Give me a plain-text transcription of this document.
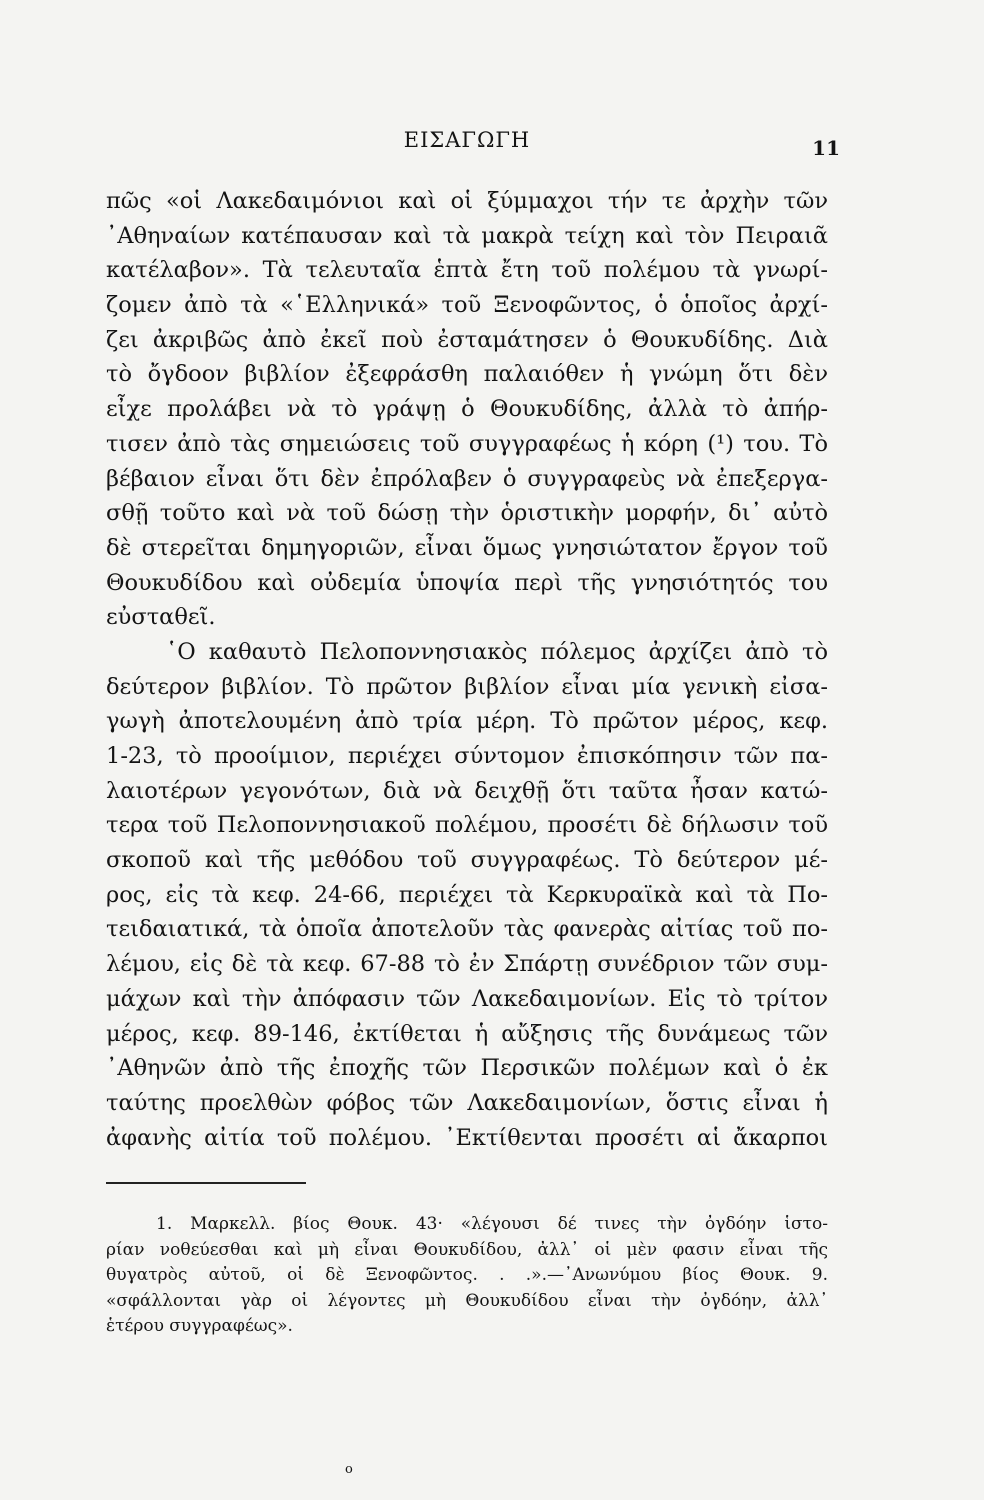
ΕΙΣΑΓΩΓΗ	11
πῶς «οἱ Λακεδαιμόνιοι καὶ οἱ ξύμμαχοι τήν τε ἀρχὴν τῶν
᾿Αθηναίων κατέπαυσαν καὶ τὰ μακρὰ τείχη καὶ τὸν Πειραιᾶ
κατέλαβον». Τὰ τελευταῖα ἑπτὰ ἔτη τοῦ πολέμου τὰ γνωρί-
ζομεν ἀπὸ τὰ «῾Ελληνικά» τοῦ Ξενοφῶντος, ὁ ὁποῖος ἀρχί-
ζει ἀκριβῶς ἀπὸ ἐκεῖ ποὺ ἐσταμάτησεν ὁ Θουκυδίδης. Διὰ
τὸ ὄγδοον βιβλίον ἐξεφράσθη παλαιόθεν ἡ γνώμη ὅτι δὲν
εἶχε προλάβει νὰ τὸ γράψῃ ὁ Θουκυδίδης, ἀλλὰ τὸ ἀπήρ-
τισεν ἀπὸ τὰς σημειώσεις τοῦ συγγραφέως ἡ κόρη (¹) του. Τὸ
βέβαιον εἶναι ὅτι δὲν ἐπρόλαβεν ὁ συγγραφεὺς νὰ ἐπεξεργα-
σθῇ τοῦτο καὶ νὰ τοῦ δώσῃ τὴν ὁριστικὴν μορφήν, δι᾿ αὐτὸ
δὲ στερεῖται δημηγοριῶν, εἶναι ὅμως γνησιώτατον ἔργον τοῦ
Θουκυδίδου καὶ οὐδεμία ὑποψία περὶ τῆς γνησιότητός του
εὐσταθεῖ.
῾Ο καθαυτὸ Πελοποννησιακὸς πόλεμος ἀρχίζει ἀπὸ τὸ
δεύτερον βιβλίον. Τὸ πρῶτον βιβλίον εἶναι μία γενικὴ εἰσα-
γωγὴ ἀποτελουμένη ἀπὸ τρία μέρη. Τὸ πρῶτον μέρος, κεφ.
1-23, τὸ προοίμιον, περιέχει σύντομον ἐπισκόπησιν τῶν πα-
λαιοτέρων γεγονότων, διὰ νὰ δειχθῇ ὅτι ταῦτα ἦσαν κατώ-
τερα τοῦ Πελοποννησιακοῦ πολέμου, προσέτι δὲ δήλωσιν τοῦ
σκοποῦ καὶ τῆς μεθόδου τοῦ συγγραφέως. Τὸ δεύτερον μέ-
ρος, εἰς τὰ κεφ. 24-66, περιέχει τὰ Κερκυραϊκὰ καὶ τὰ Πο-
τειδαιατικά, τὰ ὁποῖα ἀποτελοῦν τὰς φανερὰς αἰτίας τοῦ πο-
λέμου, εἰς δὲ τὰ κεφ. 67-88 τὸ ἐν Σπάρτῃ συνέδριον τῶν συμ-
μάχων καὶ τὴν ἀπόφασιν τῶν Λακεδαιμονίων. Εἰς τὸ τρίτον
μέρος, κεφ. 89-146, ἐκτίθεται ἡ αὔξησις τῆς δυνάμεως τῶν
᾿Αθηνῶν ἀπὸ τῆς ἐποχῆς τῶν Περσικῶν πολέμων καὶ ὁ ἐκ
ταύτης προελθὼν φόβος τῶν Λακεδαιμονίων, ὅστις εἶναι ἡ
ἀφανὴς αἰτία τοῦ πολέμου. ᾿Εκτίθενται προσέτι αἱ ἄκαρποι
1. Μαρκελλ. βίος Θουκ. 43· «λέγουσι δέ τινες τὴν ὀγδόην ἱστο-
ρίαν νοθεύεσθαι καὶ μὴ εἶναι Θουκυδίδου, ἀλλ᾿ οἱ μὲν φασιν εἶναι τῆς
θυγατρὸς αὐτοῦ, οἱ δὲ Ξενοφῶντος. . .».—᾿Ανωνύμου βίος Θουκ. 9.
«σφάλλονται γὰρ οἱ λέγοντες μὴ Θουκυδίδου εἶναι τὴν ὀγδόην, ἀλλ᾿
ἑτέρου συγγραφέως».
ο
